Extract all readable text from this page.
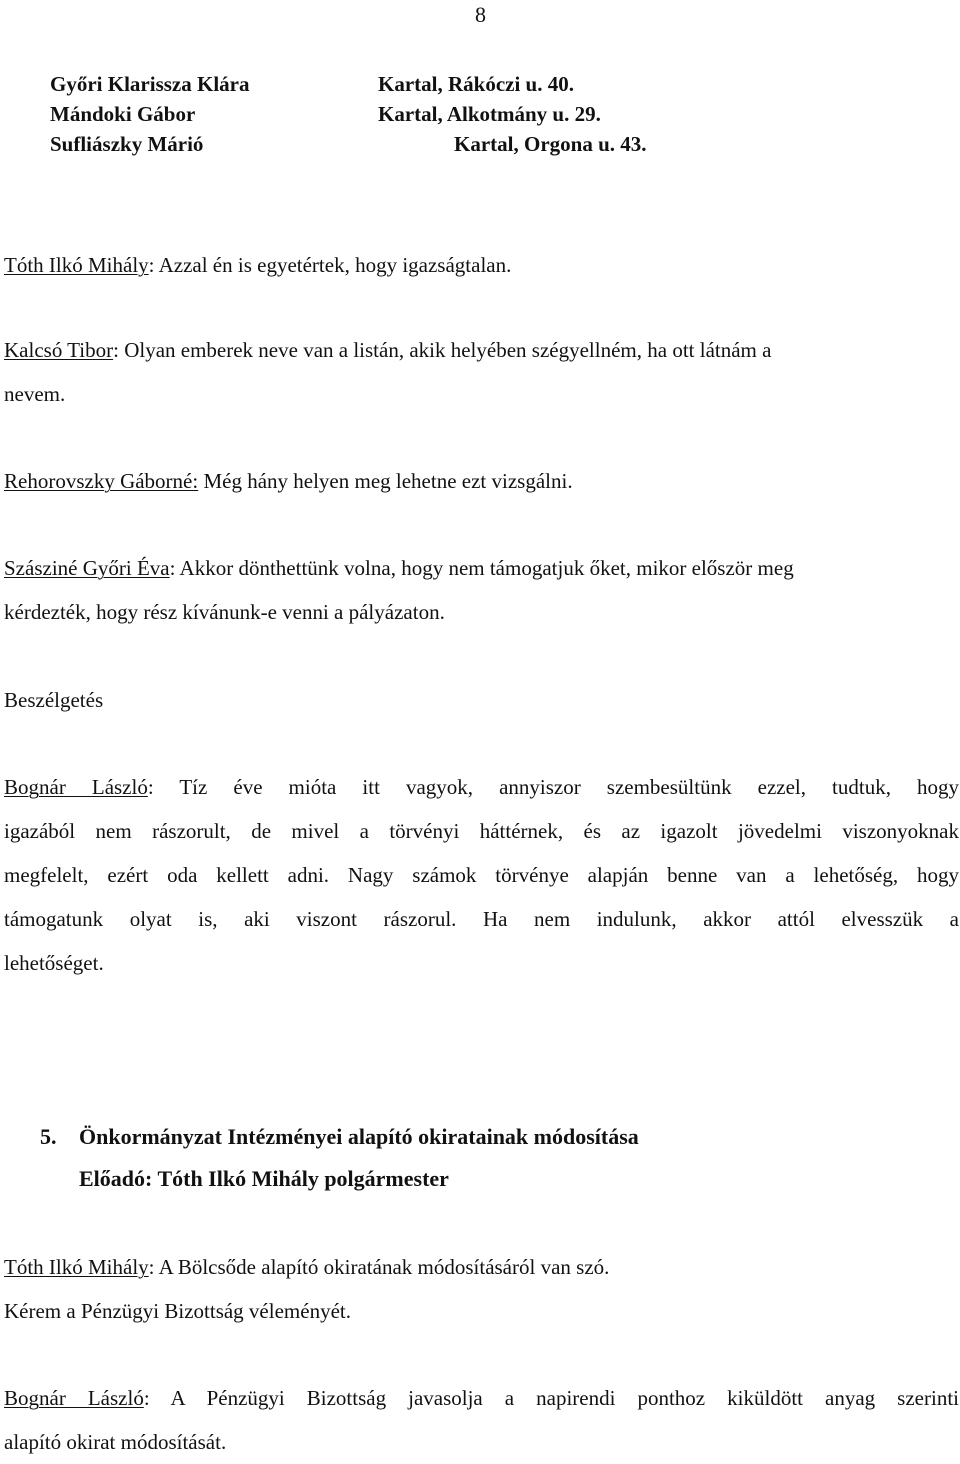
8
Győri Klarissza Klára	Kartal, Rákóczi u. 40.
Mándoki Gábor	Kartal, Alkotmány u. 29.
Sufliászky Márió	Kartal, Orgona u. 43.
Tóth Ilkó Mihály: Azzal én is egyetértek, hogy igazságtalan.
Kalcsó Tibor: Olyan emberek neve van a listán, akik helyében szégyellném, ha ott látnám a
nevem.
Rehorovszky Gáborné: Még hány helyen meg lehetne ezt vizsgálni.
Szásziné Győri Éva: Akkor dönthettünk volna, hogy nem támogatjuk őket, mikor először meg
kérdezték, hogy rész kívánunk-e venni a pályázaton.
Beszélgetés
Bognár László: Tíz éve mióta itt vagyok, annyiszor szembesültünk ezzel, tudtuk, hogy
igazából nem rászorult, de mivel a törvényi háttérnek, és az igazolt jövedelmi viszonyoknak
megfelelt, ezért oda kellett adni. Nagy számok törvénye alapján benne van a lehetőség, hogy
támogatunk olyat is, aki viszont rászorul. Ha nem indulunk, akkor attól elvesszük a
lehetőséget.
5. Önkormányzat Intézményei alapító okiratainak módosítása
Előadó: Tóth Ilkó Mihály polgármester
Tóth Ilkó Mihály: A Bölcsőde alapító okiratának módosításáról van szó.
Kérem a Pénzügyi Bizottság véleményét.
Bognár László: A Pénzügyi Bizottság javasolja a napirendi ponthoz kiküldött anyag szerinti
alapító okirat módosítását.
